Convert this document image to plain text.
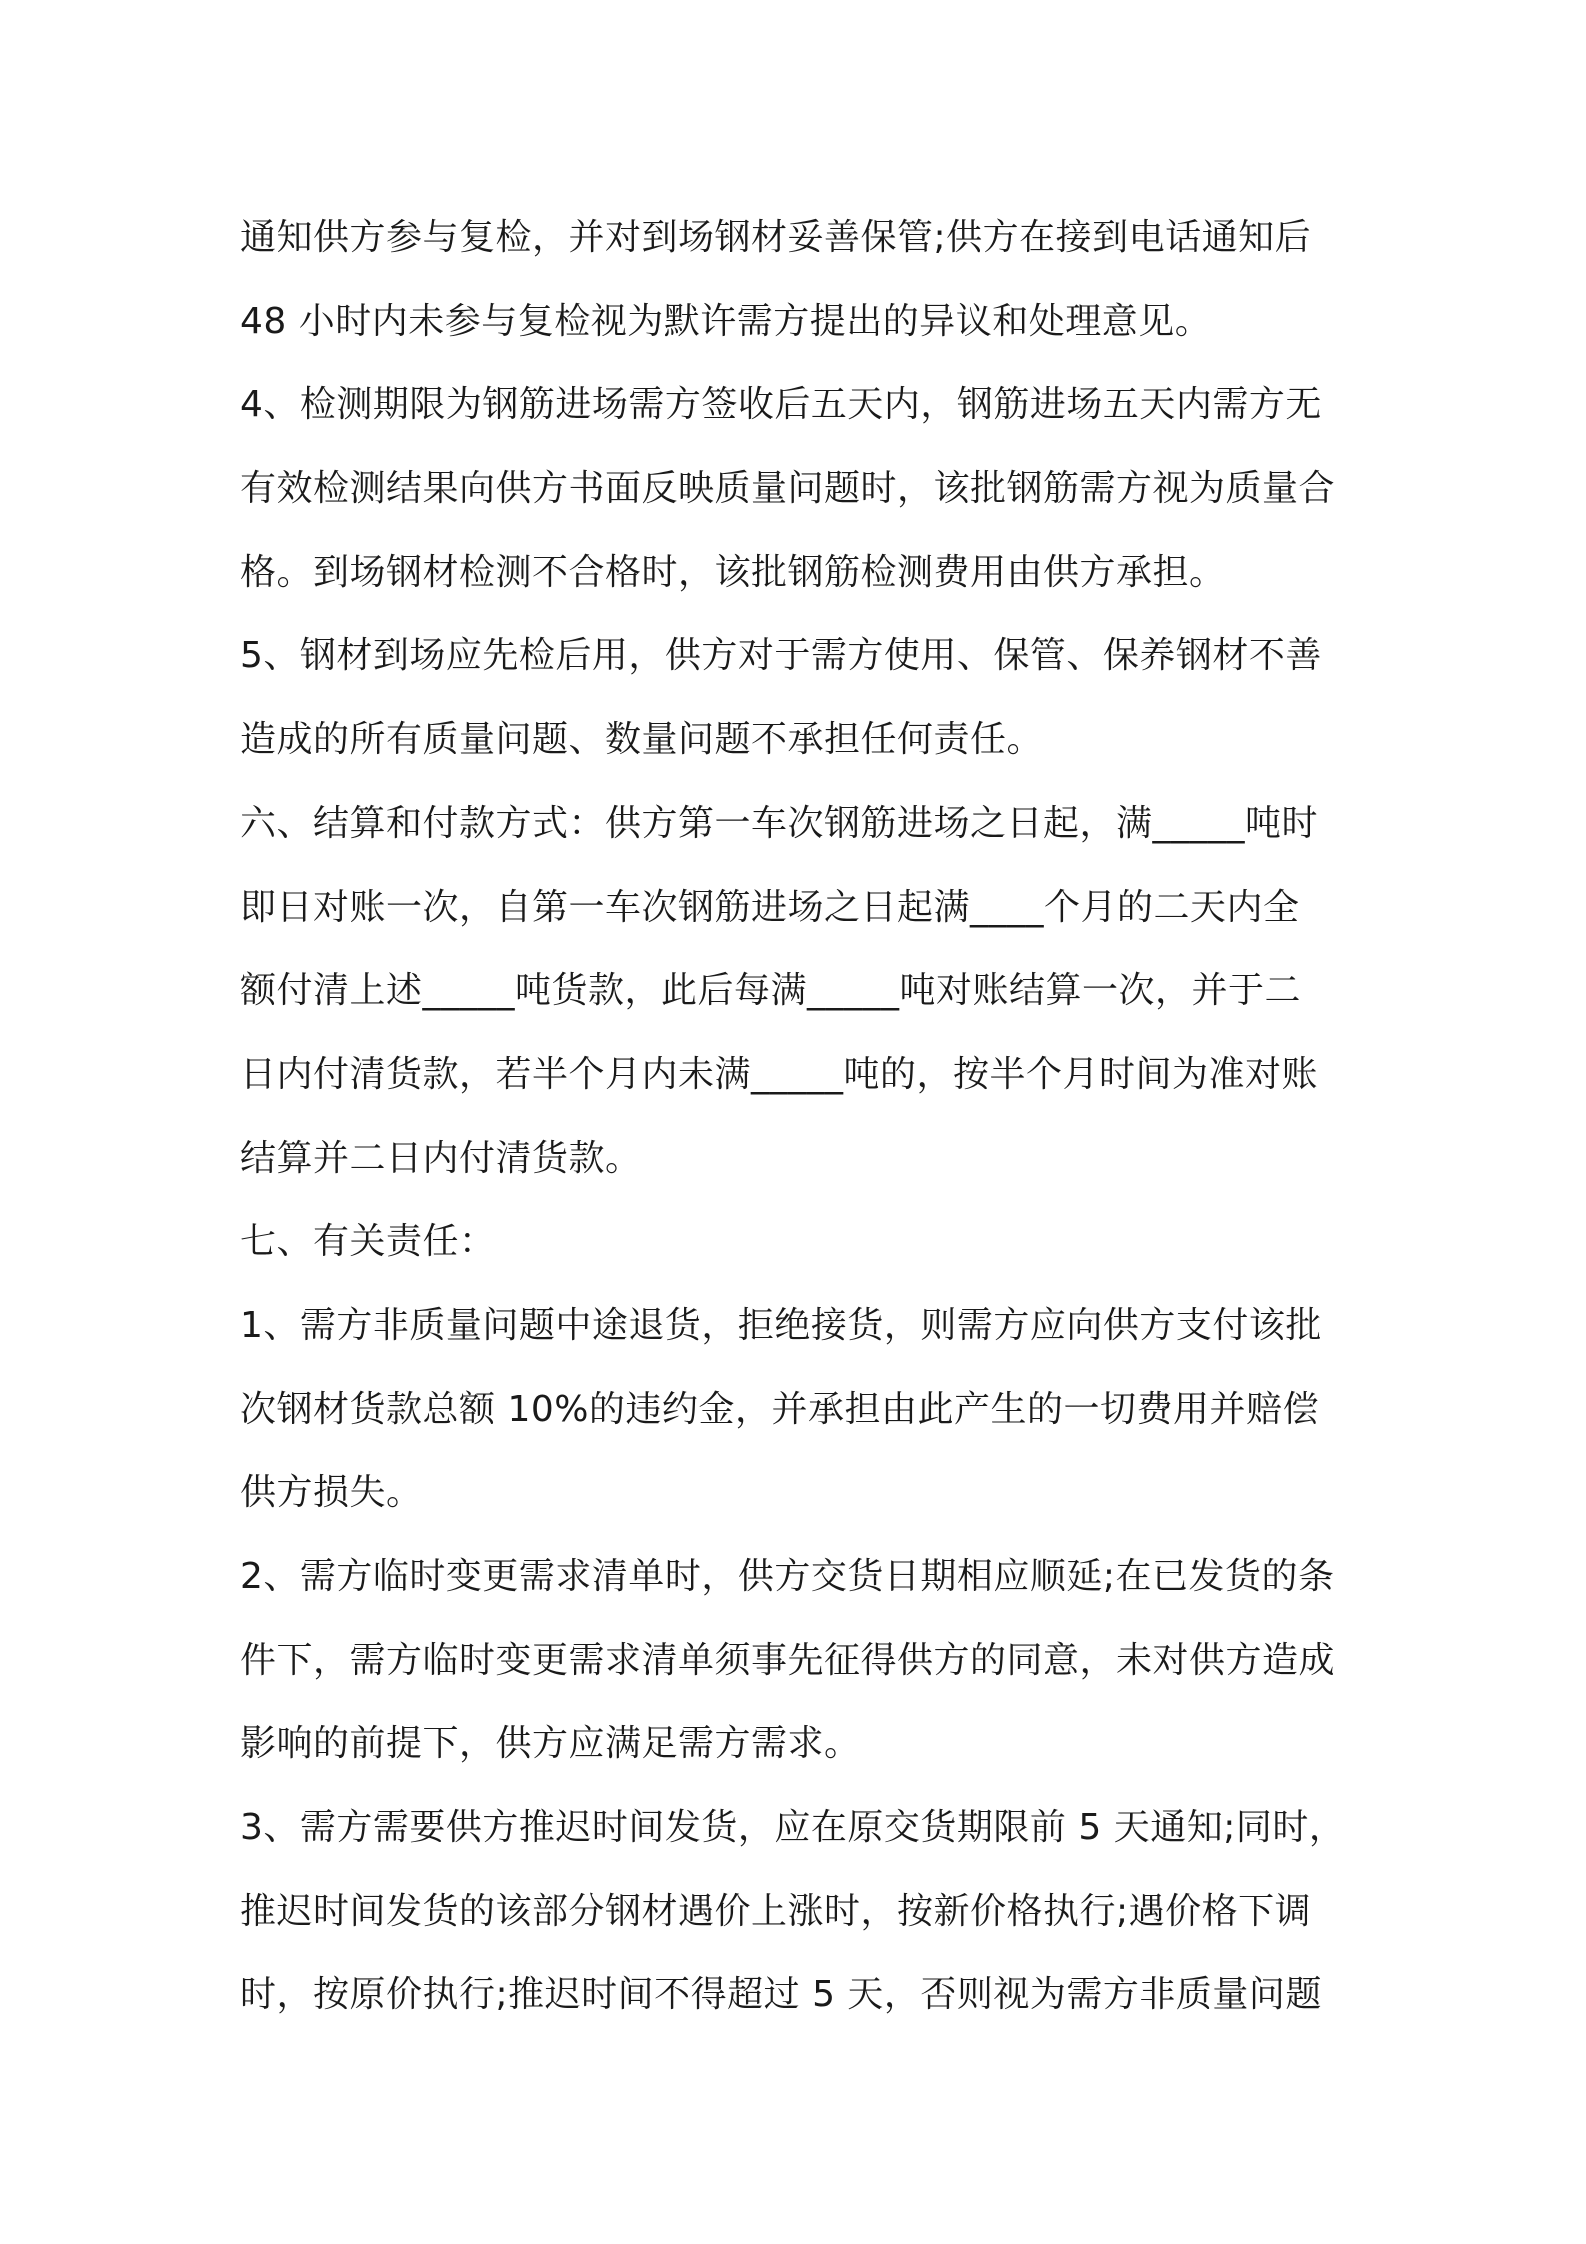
通知供方参与复检，并对到场钢材妥善保管;供方在接到电话通知后
48 小时内未参与复检视为默许需方提出的异议和处理意见。
4、检测期限为钢筋进场需方签收后五天内，钢筋进场五天内需方无
有效检测结果向供方书面反映质量问题时，该批钢筋需方视为质量合
格。到场钢材检测不合格时，该批钢筋检测费用由供方承担。
5、钢材到场应先检后用，供方对于需方使用、保管、保养钢材不善
造成的所有质量问题、数量问题不承担任何责任。
六、结算和付款方式：供方第一车次钢筋进场之日起，满_____吨时
即日对账一次，自第一车次钢筋进场之日起满____个月的二天内全
额付清上述_____吨货款，此后每满_____吨对账结算一次，并于二
日内付清货款，若半个月内未满_____吨的，按半个月时间为准对账
结算并二日内付清货款。
七、有关责任：
1、需方非质量问题中途退货，拒绝接货，则需方应向供方支付该批
次钢材货款总额 10%的违约金，并承担由此产生的一切费用并赔偿
供方损失。
2、需方临时变更需求清单时，供方交货日期相应顺延;在已发货的条
件下，需方临时变更需求清单须事先征得供方的同意，未对供方造成
影响的前提下，供方应满足需方需求。
3、需方需要供方推迟时间发货，应在原交货期限前 5 天通知;同时，
推迟时间发货的该部分钢材遇价上涨时，按新价格执行;遇价格下调
时，按原价执行;推迟时间不得超过 5 天，否则视为需方非质量问题
